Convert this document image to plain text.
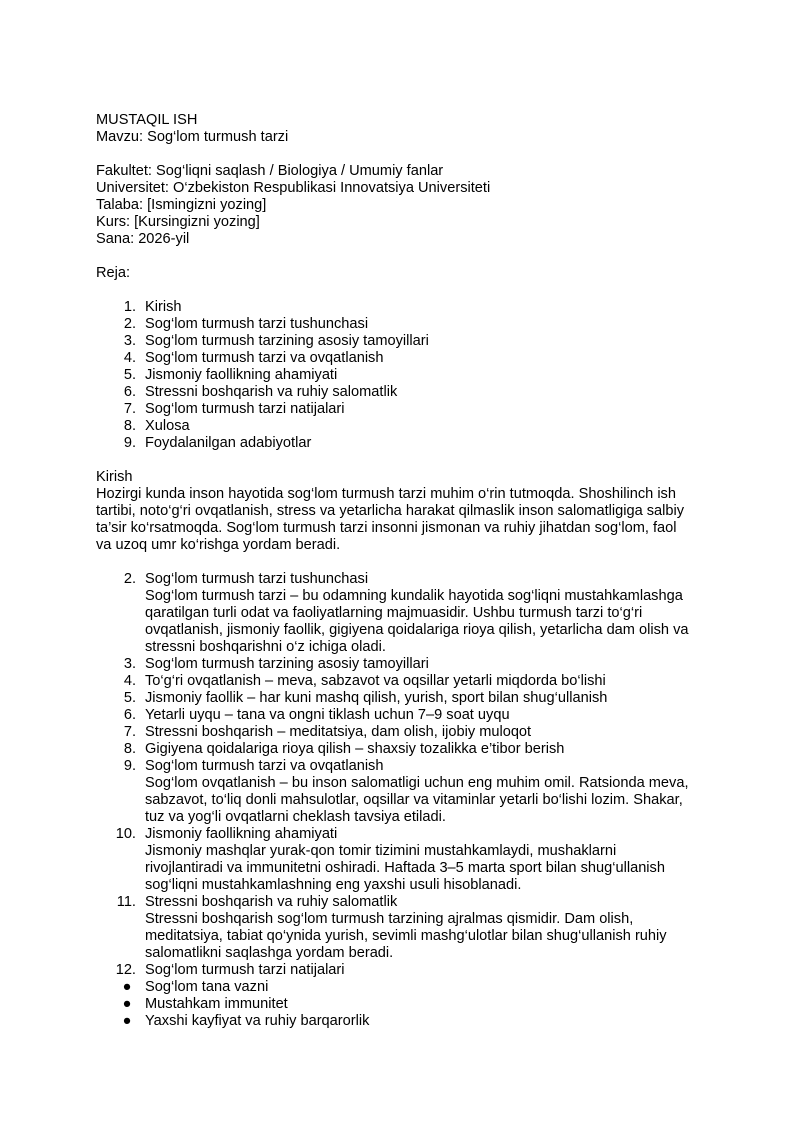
MUSTAQIL ISH
Mavzu: Sog‘lom turmush tarzi
Fakultet: Sog‘liqni saqlash / Biologiya / Umumiy fanlar
Universitet: O‘zbekiston Respublikasi Innovatsiya Universiteti
Talaba: [Ismingizni yozing]
Kurs: [Kursingizni yozing]
Sana: 2026-yil
Reja:
1. Kirish
2. Sog‘lom turmush tarzi tushunchasi
3. Sog‘lom turmush tarzining asosiy tamoyillari
4. Sog‘lom turmush tarzi va ovqatlanish
5. Jismoniy faollikning ahamiyati
6. Stressni boshqarish va ruhiy salomatlik
7. Sog‘lom turmush tarzi natijalari
8. Xulosa
9. Foydalanilgan adabiyotlar
Kirish
Hozirgi kunda inson hayotida sog‘lom turmush tarzi muhim o‘rin tutmoqda. Shoshilinch ish
tartibi, noto‘g‘ri ovqatlanish, stress va yetarlicha harakat qilmaslik inson salomatligiga salbiy
ta’sir ko‘rsatmoqda. Sog‘lom turmush tarzi insonni jismonan va ruhiy jihatdan sog‘lom, faol
va uzoq umr ko‘rishga yordam beradi.
2. Sog‘lom turmush tarzi tushunchasi
Sog‘lom turmush tarzi – bu odamning kundalik hayotida sog‘liqni mustahkamlashga
qaratilgan turli odat va faoliyatlarning majmuasidir. Ushbu turmush tarzi to‘g‘ri
ovqatlanish, jismoniy faollik, gigiyena qoidalariga rioya qilish, yetarlicha dam olish va
stressni boshqarishni o‘z ichiga oladi.
3. Sog‘lom turmush tarzining asosiy tamoyillari
4. To‘g‘ri ovqatlanish – meva, sabzavot va oqsillar yetarli miqdorda bo‘lishi
5. Jismoniy faollik – har kuni mashq qilish, yurish, sport bilan shug‘ullanish
6. Yetarli uyqu – tana va ongni tiklash uchun 7–9 soat uyqu
7. Stressni boshqarish – meditatsiya, dam olish, ijobiy muloqot
8. Gigiyena qoidalariga rioya qilish – shaxsiy tozalikka e’tibor berish
9. Sog‘lom turmush tarzi va ovqatlanish
Sog‘lom ovqatlanish – bu inson salomatligi uchun eng muhim omil. Ratsionda meva,
sabzavot, to‘liq donli mahsulotlar, oqsillar va vitaminlar yetarli bo‘lishi lozim. Shakar,
tuz va yog‘li ovqatlarni cheklash tavsiya etiladi.
10. Jismoniy faollikning ahamiyati
Jismoniy mashqlar yurak-qon tomir tizimini mustahkamlaydi, mushaklarni
rivojlantiradi va immunitetni oshiradi. Haftada 3–5 marta sport bilan shug‘ullanish
sog‘liqni mustahkamlashning eng yaxshi usuli hisoblanadi.
11. Stressni boshqarish va ruhiy salomatlik
Stressni boshqarish sog‘lom turmush tarzining ajralmas qismidir. Dam olish,
meditatsiya, tabiat qo‘ynida yurish, sevimli mashg‘ulotlar bilan shug‘ullanish ruhiy
salomatlikni saqlashga yordam beradi.
12. Sog‘lom turmush tarzi natijalari
● Sog‘lom tana vazni
● Mustahkam immunitet
● Yaxshi kayfiyat va ruhiy barqarorlik
